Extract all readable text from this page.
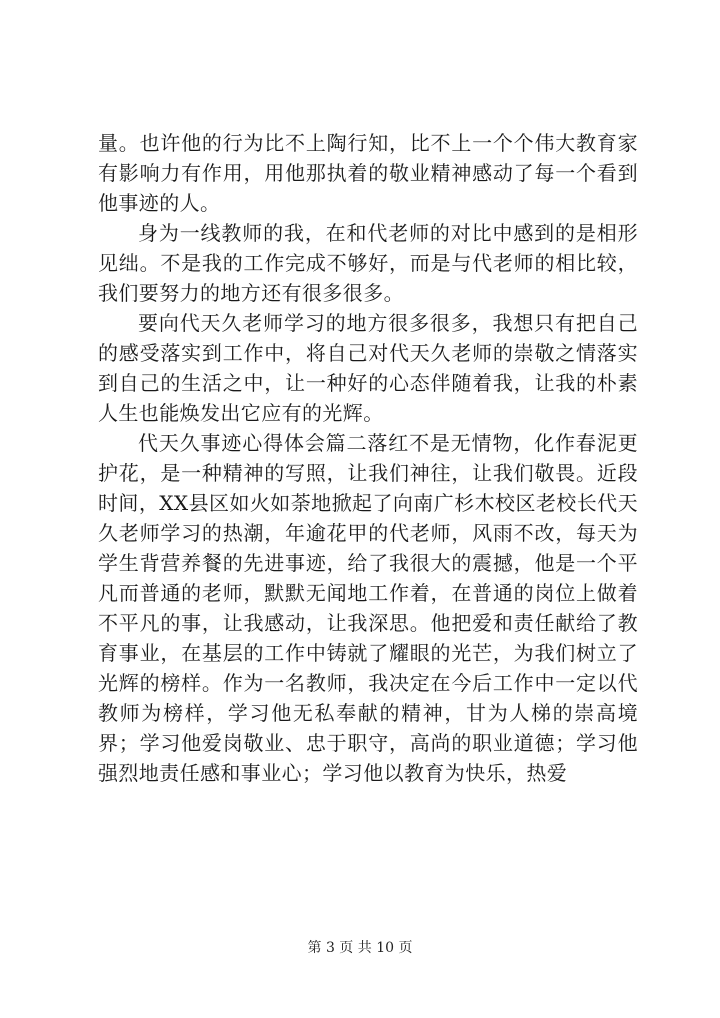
量。也许他的行为比不上陶行知，比不上一个个伟大教育家有影响力有作用，用他那执着的敬业精神感动了每一个看到他事迹的人。

身为一线教师的我，在和代老师的对比中感到的是相形见绌。不是我的工作完成不够好，而是与代老师的相比较，我们要努力的地方还有很多很多。

要向代天久老师学习的地方很多很多，我想只有把自己的感受落实到工作中，将自己对代天久老师的崇敬之情落实到自己的生活之中，让一种好的心态伴随着我，让我的朴素人生也能焕发出它应有的光辉。

代天久事迹心得体会篇二落红不是无情物，化作春泥更护花，是一种精神的写照，让我们神往，让我们敬畏。近段时间，XX县区如火如荼地掀起了向南广杉木校区老校长代天久老师学习的热潮，年逾花甲的代老师，风雨不改，每天为学生背营养餐的先进事迹，给了我很大的震撼，他是一个平凡而普通的老师，默默无闻地工作着，在普通的岗位上做着不平凡的事，让我感动，让我深思。他把爱和责任献给了教育事业，在基层的工作中铸就了耀眼的光芒，为我们树立了光辉的榜样。作为一名教师，我决定在今后工作中一定以代教师为榜样，学习他无私奉献的精神，甘为人梯的崇高境界；学习他爱岗敬业、忠于职守，高尚的职业道德；学习他强烈地责任感和事业心；学习他以教育为快乐，热爱

第 3 页 共 10 页
